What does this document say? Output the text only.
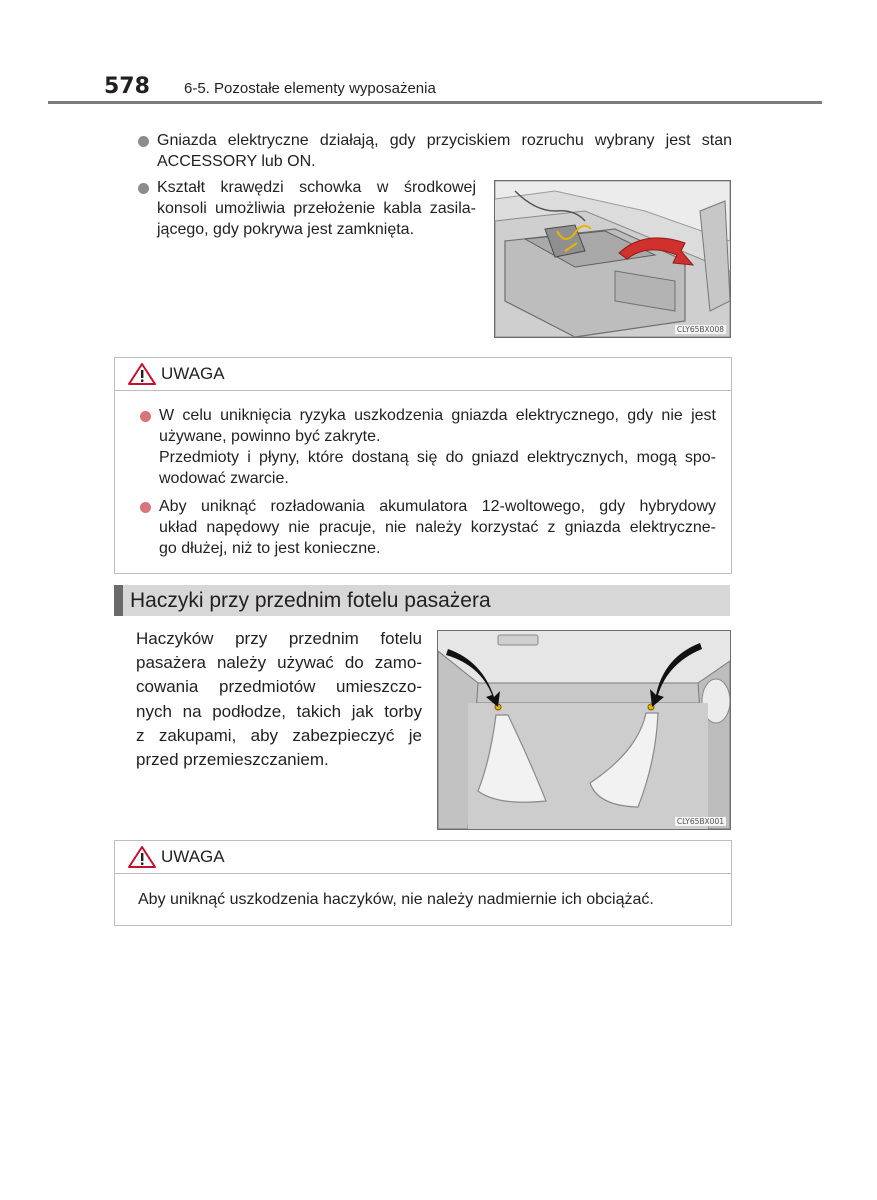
578 6-5. Pozostałe elementy wyposażenia
Gniazda elektryczne działają, gdy przyciskiem rozruchu wybrany jest stan
ACCESSORY lub ON.
Kształt krawędzi schowka w środkowej
konsoli umożliwia przełożenie kabla zasila-
jącego, gdy pokrywa jest zamknięta.
CLY65BX008
UWAGA
W celu uniknięcia ryzyka uszkodzenia gniazda elektrycznego, gdy nie jest
używane, powinno być zakryte.
Przedmioty i płyny, które dostaną się do gniazd elektrycznych, mogą spo-
wodować zwarcie.
Aby uniknąć rozładowania akumulatora 12-woltowego, gdy hybrydowy
układ napędowy nie pracuje, nie należy korzystać z gniazda elektryczne-
go dłużej, niż to jest konieczne.
Haczyki przy przednim fotelu pasażera
Haczyków przy przednim fotelu
pasażera należy używać do zamo-
cowania przedmiotów umieszczo-
nych na podłodze, takich jak torby
z zakupami, aby zabezpieczyć je
przed przemieszczaniem.
CLY65BX001
UWAGA
Aby uniknąć uszkodzenia haczyków, nie należy nadmiernie ich obciążać.
